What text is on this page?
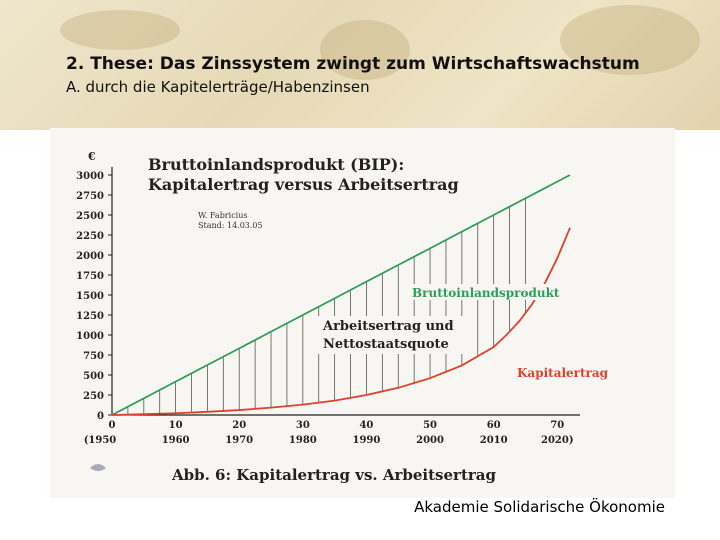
2. These: Das Zinssystem zwingt zum Wirtschaftswachstum
A. durch die Kapitelerträge/Habenzinsen
0
250
500
750
1000
1250
1500
1750
2000
2250
2500
2750
3000
€
0
(1950
10
1960
20
1970
30
1980
40
1990
50
2000
60
2010
70
2020)
Bruttoinlandsprodukt (BIP):
Kapitalertrag versus Arbeitsertrag
W. Fabricius
Stand: 14.03.05
Bruttoinlandsprodukt
Kapitalertrag
Arbeitsertrag und
Nettostaatsquote
Abb. 6: Kapitalertrag vs. Arbeitsertrag
Akademie Solidarische Ökonomie
